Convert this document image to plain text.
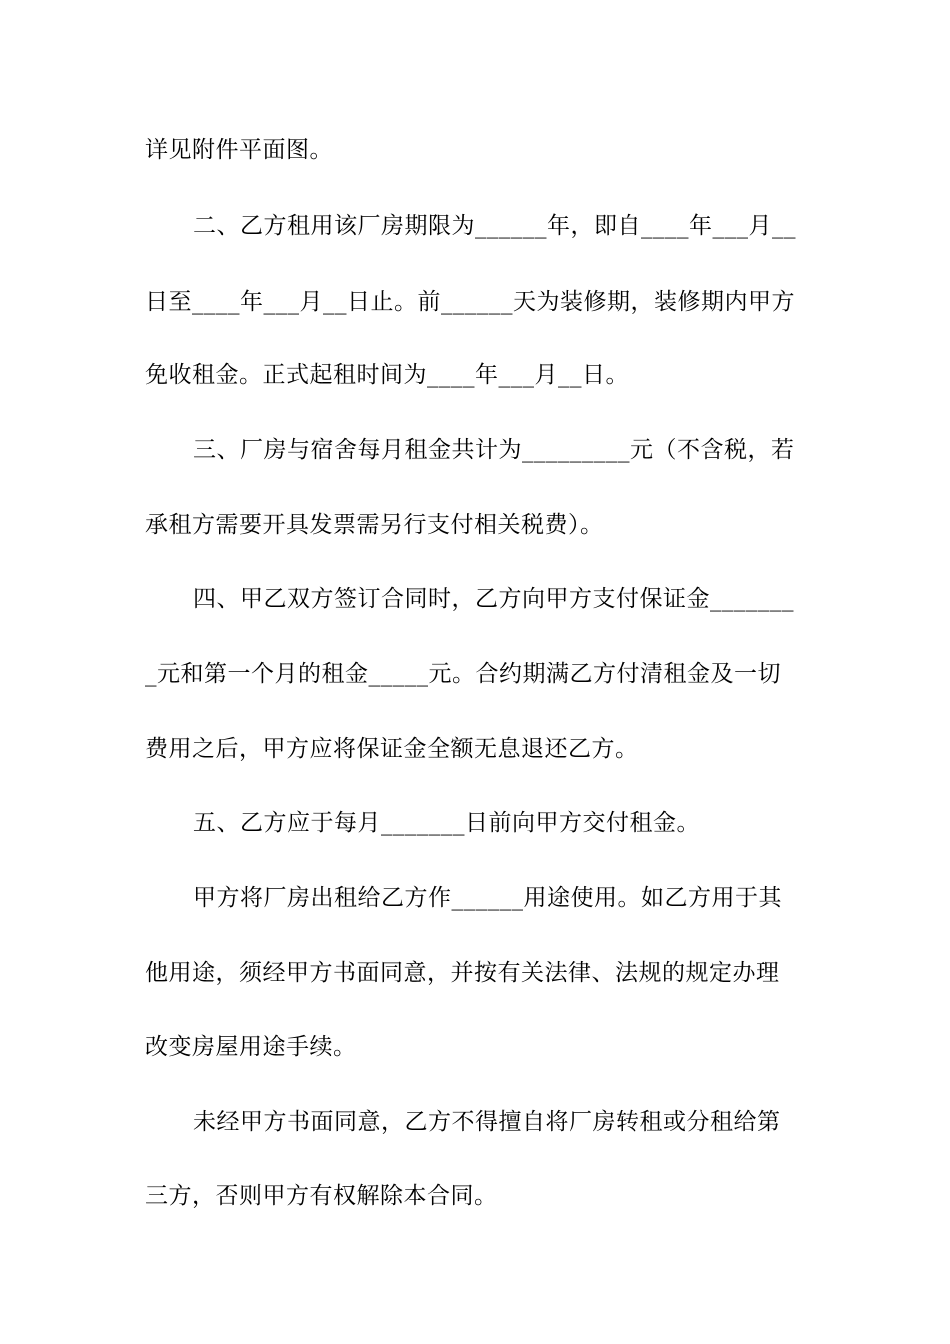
详见附件平面图。
二、乙方租用该厂房期限为______年，即自____年___月__
日至____年___月__日止。前______天为装修期，装修期内甲方
免收租金。正式起租时间为____年___月__日。
三、厂房与宿舍每月租金共计为_________元（不含税，若
承租方需要开具发票需另行支付相关税费）。
四、甲乙双方签订合同时，乙方向甲方支付保证金_______
_元和第一个月的租金_____元。合约期满乙方付清租金及一切
费用之后，甲方应将保证金全额无息退还乙方。
五、乙方应于每月_______日前向甲方交付租金。
甲方将厂房出租给乙方作______用途使用。如乙方用于其
他用途，须经甲方书面同意，并按有关法律、法规的规定办理
改变房屋用途手续。
未经甲方书面同意，乙方不得擅自将厂房转租或分租给第
三方，否则甲方有权解除本合同。
